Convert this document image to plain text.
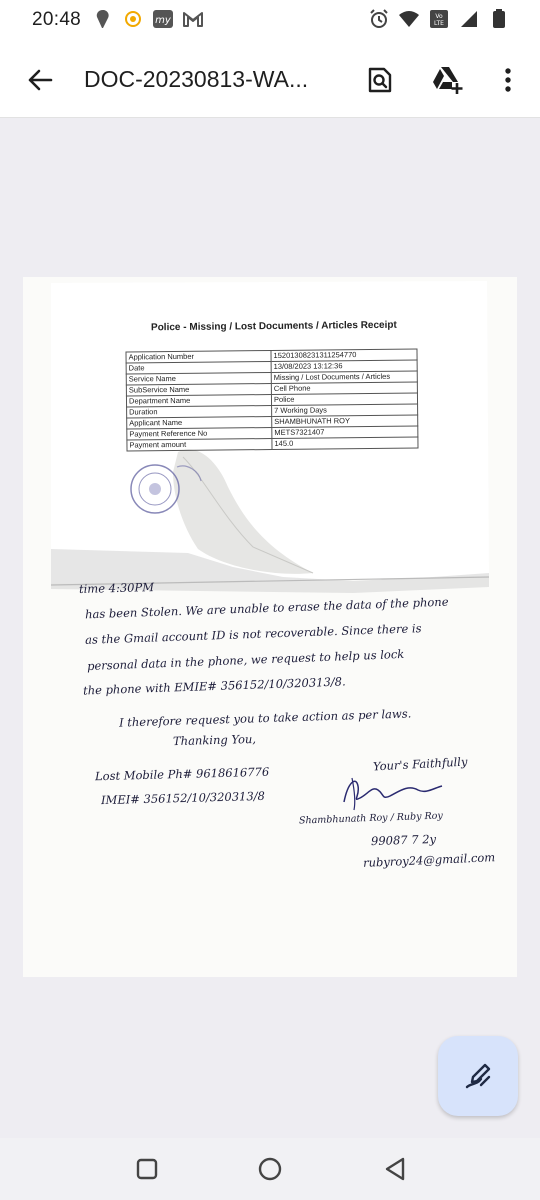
20:48	my	Vo
LTE
DOC-20230813-WA...
Police - Missing / Lost Documents / Articles Receipt
Application Number	15201308231311254770
Date	13/08/2023 13:12:36
Service Name	Missing / Lost Documents / Articles
SubService Name	Cell Phone
Department Name	Police
Duration	7 Working Days
Applicant Name	SHAMBHUNATH ROY
Payment Reference No	METS7321407
Payment amount	145.0
time 4:30PM
has been Stolen. We are unable to erase the data of the phone
as the Gmail account ID is not recoverable. Since there is
personal data in the phone, we request to help us lock
the phone with EMIE# 356152/10/320313/8.
I therefore request you to take action as per laws.
Thanking You,
Lost Mobile Ph# 9618616776
IMEI# 356152/10/320313/8
Your's Faithfully
Shambhunath Roy / Ruby Roy
99087 7 2y
rubyroy24@gmail.com
